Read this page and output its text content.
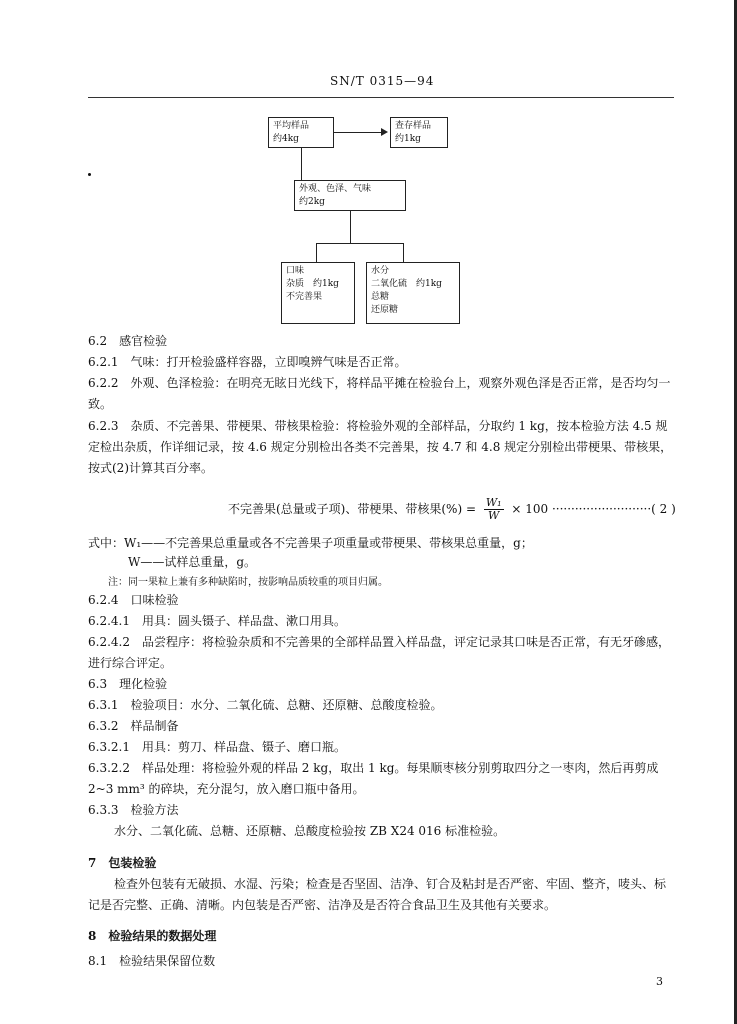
SN/T 0315—94
平均样品
约4kg
查存样品
约1kg
外观、色泽、气味
约2kg
口味
杂质　约1kg
不完善果
水分
二氧化硫　约1kg
总糖
还原糖
6.2　感官检验
6.2.1　气味：打开检验盛样容器，立即嗅辨气味是否正常。
6.2.2　外观、色泽检验：在明亮无眩日光线下，将样品平摊在检验台上，观察外观色泽是否正常，是否均匀一致。
6.2.3　杂质、不完善果、带梗果、带核果检验：将检验外观的全部样品，分取约 1 kg，按本检验方法 4.5 规定检出杂质，作详细记录，按 4.6 规定分别检出各类不完善果，按 4.7 和 4.8 规定分别检出带梗果、带核果，按式(2)计算其百分率。
不完善果(总量或子项)、带梗果、带核果(%) = $\frac{\text{W₁}}{W} \times 100$ ··························( 2 )
式中：W₁——不完善果总重量或各不完善果子项重量或带梗果、带核果总重量，g；
W——试样总重量，g。
注：同一果粒上兼有多种缺陷时，按影响品质较重的项目归属。
6.2.4　口味检验
6.2.4.1　用具：圆头镊子、样品盘、漱口用具。
6.2.4.2　品尝程序：将检验杂质和不完善果的全部样品置入样品盘，评定记录其口味是否正常，有无牙碜感，进行综合评定。
6.3　理化检验
6.3.1　检验项目：水分、二氧化硫、总糖、还原糖、总酸度检验。
6.3.2　样品制备
6.3.2.1　用具：剪刀、样品盘、镊子、磨口瓶。
6.3.2.2　样品处理：将检验外观的样品 2 kg，取出 1 kg。每果顺枣核分别剪取四分之一枣肉，然后再剪成 2~3 mm³ 的碎块，充分混匀，放入磨口瓶中备用。
6.3.3　检验方法
水分、二氧化硫、总糖、还原糖、总酸度检验按 ZB X24 016 标准检验。
7　包装检验
检查外包装有无破损、水湿、污染；检查是否坚固、洁净、钉合及粘封是否严密、牢固、整齐，唛头、标记是否完整、正确、清晰。内包装是否严密、洁净及是否符合食品卫生及其他有关要求。
8　检验结果的数据处理
8.1　检验结果保留位数
3
